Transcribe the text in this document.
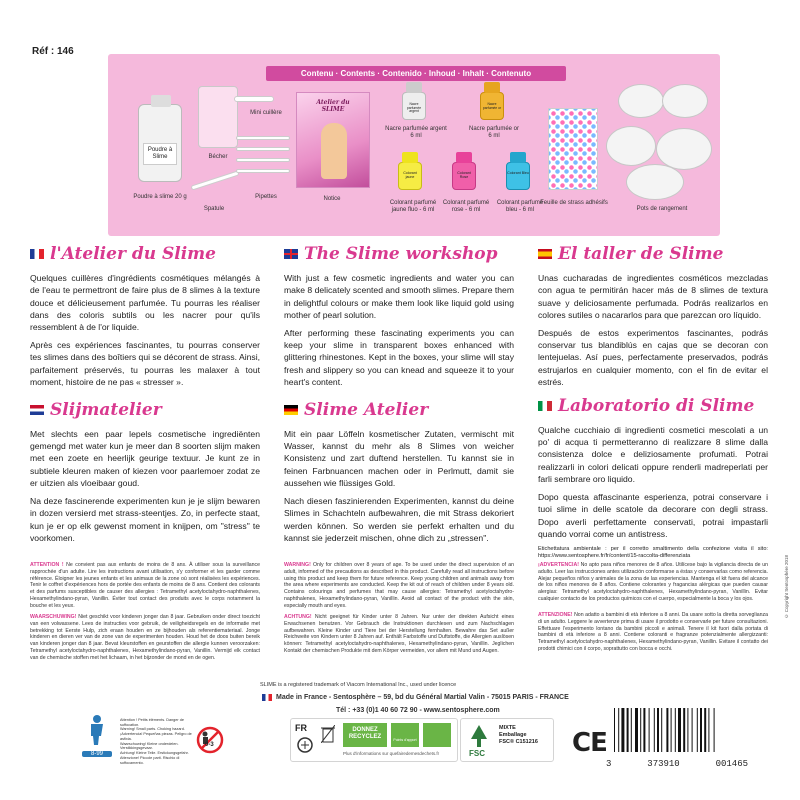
Réf : 146
Contenu · Contents · Contenido · Inhoud · Inhalt · Contenuto
Poudre à Slime
Poudre à slime 20 g
Bécher
Mini cuillère
Spatule
Pipettes
Atelier du SLIME
Notice
Nacre parfumée argent
Nacre parfumée argent
6 ml
Nacre parfumée or
Nacre parfumée or
6 ml
Colorant jaune
Colorant parfumé
jaune fluo - 6 ml
Colorant Rose
Colorant parfumé
rose - 6 ml
Colorant Bleu
Colorant parfumé
bleu - 6 ml
Feuille de strass adhésifs
Pots de rangement
l'Atelier du Slime

Quelques cuillères d'ingrédients cosmétiques mélangés à de l'eau te permettront de faire plus de 8 slimes à la texture douce et délicieusement parfumée. Tu pourras les réaliser dans des coloris subtils ou les nacrer pour qu'ils ressemblent à de l'or liquide.

Après ces expériences fascinantes, tu pourras conserver tes slimes dans des boîtiers qui se décorent de strass. Ainsi, parfaitement préservés, tu pourras les malaxer à tout moment, histoire de ne pas « stresser ».

Slijmatelier

Met slechts een paar lepels cosmetische ingrediënten gemengd met water kun je meer dan 8 soorten slijm maken met een zoete en heerlijk geurige textuur. Je kunt ze in subtiele kleuren maken of kiezen voor paarlemoer zodat ze er uitzien als vloeibaar goud.

Na deze fascinerende experimenten kun je je slijm bewaren in dozen versierd met strass-steentjes. Zo, in perfecte staat, kun je er op elk gewenst moment in knijpen, om "stress" te voorkomen.

The Slime workshop

With just a few cosmetic ingredients and water you can make 8 delicately scented and smooth slimes. Prepare them in delightful colours or make them look like liquid gold using mother of pearl solution.

After performing these fascinating experiments you can keep your slime in transparent boxes enhanced with glittering rhinestones. Kept in the boxes, your slime will stay fresh and slippery so you can knead and squeeze it to your heart's content.

Slime Atelier

Mit ein paar Löffeln kosmetischer Zutaten, vermischt mit Wasser, kannst du mehr als 8 Slimes von weicher Konsistenz und zart duftend herstellen. Tu kannst sie in feinen Farbnuancen machen oder in Perlmutt, damit sie aussehen wie flüssiges Gold.

Nach diesen faszinierenden Experimenten, kannst du deine Slimes in Schachteln aufbewahren, die mit Strass dekoriert werden können. So werden sie perfekt erhalten und du kannst sie jederzeit mischen, ohne dich zu „stressen".

El taller de Slime

Unas cucharadas de ingredientes cosméticos mezcladas con agua te permitirán hacer más de 8 slimes de textura suave y deliciosamente perfumada. Podrás realizarlos en colores sutiles o nacararlos para que parezcan oro líquido.

Después de estos experimentos fascinantes, podrás conservar tus blandiblús en cajas que se decoran con lentejuelas. Así pues, perfectamente preservados, podrás estrujarlos en cualquier momento, con el fin de evitar el estrés.

Laboratorio di Slime

Qualche cucchiaio di ingredienti cosmetici mescolati a un po' di acqua ti permetteranno di realizzare 8 slime dalla consistenza dolce e deliziosamente profumati. Potrai realizzarli in colori delicati oppure renderli madreperlati per farli sembrare oro liquido.

Dopo questa affascinante esperienza, potrai conservare i tuoi slime in delle scatole da decorare con degli strass. Dopo averli perfettamente conservati, potrai impastarli quando vorrai come un antistress.

Etichettatura ambientale : per il corretto smaltimento della confezione visita il sito: https://www.sentosphere.fr/fr/content/15-raccolta-differenziata

ATTENTION ! Ne convient pas aux enfants de moins de 8 ans. À utiliser sous la surveillance rapprochée d'un adulte. Lire les instructions avant utilisation, s'y conformer et les garder comme référence. Éloigner les jeunes enfants et les animaux de la zone où sont réalisées les expériences. Tenir le coffret d'expériences hors de portée des enfants de moins de 8 ans. Contient des colorants et des parfums susceptibles de causer des allergies : Tetramethyl acetyloctahydro-naphthalenes, Hexamethylindano-pyran, Vanillin. Éviter tout contact des produits avec le corps notamment la bouche et les yeux.
WAARSCHUWING! Niet geschikt voor kinderen jonger dan 8 jaar. Gebruiken onder direct toezicht van een volwassene. Lees de instructies voor gebruik, de veiligheidsregels en de informatie met betrekking tot Eerste Hulp, zich eraan houden en ze bijhouden als referentiemateriaal. Jonge kinderen en dieren ver van de zone van de experimenten houden. Houd het de doos buiten bereik van kinderen jonger dan 8 jaar. Bevat kleurstoffen en geurstoffen die allergie kunnen veroorzaken: Tetramethyl acetyloctahydro-naphthalenes, Hexamethylindano-pyran, Vanillin. Vermijd elk contact van de chemische stoffen met het lichaam, in het bijzonder de mond en de ogen.
WARNING! Only for children over 8 years of age. To be used under the direct supervision of an adult, informed of the precautions as described in this product. Carefully read all instructions before using this product and keep them for future reference. Keep young children and animals away from the area where experiments are conducted. Keep the kit out of reach of children under 8 years old. Contains colourings and perfumes that may cause allergies: Tetramethyl acetyloctahydro-naphthalenes, Hexamethylindano-pyran, Vanillin. Avoid all contact of the product with the skin, especially mouth and eyes.
ACHTUNG! Nicht geeignet für Kinder unter 8 Jahren. Nur unter der direkten Aufsicht eines Erwachsenen benutzen. Vor Gebrauch die Instruktionen durchlesen und zum Nachschlagen aufbewahren. Kleine Kinder und Tiere bei der Herstellung fernhalten. Bewahre das Set außer Reichweite von Kindern unter 8 Jahren auf. Enthält Farbstoffe und Duftstoffe, die Allergien auslösen können: Tetramethyl acetyloctahydro-naphthalenes, Hexamethylindano-pyran, Vanillin. Jeglichen Kontakt der chemischen Produkte mit dem Körper vermeiden, vor allem mit Mund und Augen.
¡ADVERTENCIA! No apto para niños menores de 8 años. Utilícese bajo la vigilancia directa de un adulto. Leer las instrucciones antes utilización conformarse a éstas y conservarlas como referencia. Alejar pequeños niños y animales de la zona de las experiencias. Mantenga el kit fuera del alcance de los niños menores de 8 años. Contiene colorantes y fragancias alérgicas que pueden causar alergias: Tetramethyl acetyloctahydro-naphthalenes, Hexamethylindano-pyran, Vanillin. Evitar cualquier contacto de los productos químicos con el cuerpo, especialmente la boca y los ojos.
ATTENZIONE! Non adatto a bambini di età inferiore a 8 anni. Da usare sotto la diretta sorveglianza di un adulto. Leggere le avvertenze prima di usare il prodotto e conservarle per future consultazioni. Effettuare l'esperimento lontano da bambini piccoli e animali. Tenere il kit fuori dalla portata di bambini di età inferiore a 8 anni. Contiene coloranti e fragranze potenzialmente allergizzanti: Tetramethyl acetyloctahydro-naphthalenes, Hexamethylindano-pyran, Vanillin. Evitare il contatto dei prodotti chimici con il corpo, soprattutto con bocca e occhi.
© Copyright Sentosphère 2018
SLIME is a registered trademark of Viacom International Inc., used under licence
Made in France - Sentosphère – 59, bd du Général Martial Valin - 75015 PARIS - FRANCE
Tél : +33 (0)1 40 60 72 90 - www.sentosphere.com
8-99
Attention ! Petits éléments. Danger de suffocation.
Warning! Small parts. Choking hazard.
¡Advertencia! Pequeñas piezas. Peligro de asfixia.
Waarschuwing! Kleine onderdelen. Verstikkingsgevaar.
Achtung! Kleine Teile. Erstickungsgefahr.
Attenzione! Piccole parti. Rischio di soffocamento.
0-3
FR	DONNEZ
RECYCLEZ	Points d'apport
Plus d'informations sur quefairedemesdechets.fr	FSC
MIXTE
Emballage
FSC® C151216 CE
3	373910	001465
